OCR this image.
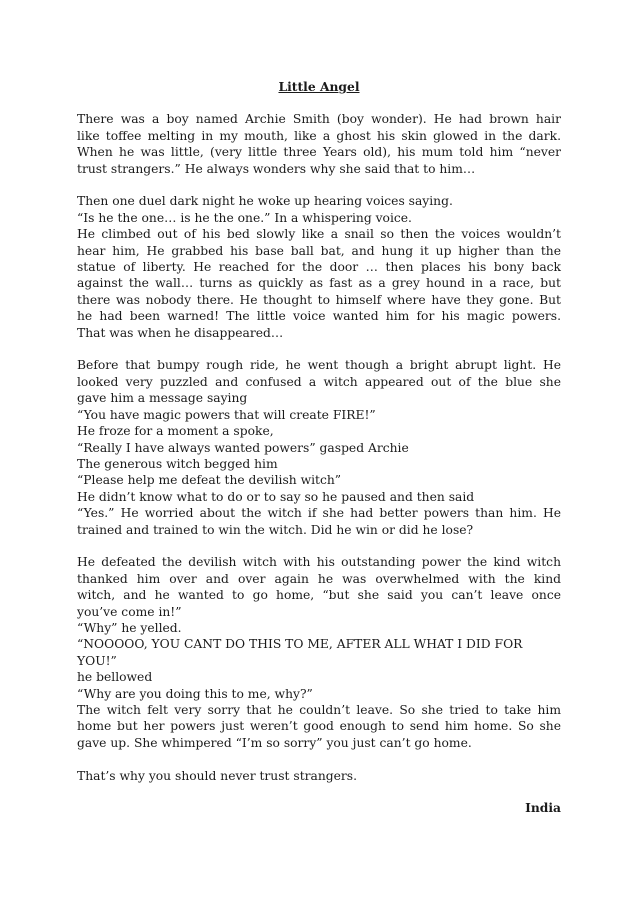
Little Angel
There was a boy named Archie Smith (boy wonder). He had brown hair
like toffee melting in my mouth, like a ghost his skin glowed in the dark.
When he was little, (very little three Years old), his mum told him “never
trust strangers.” He always wonders why she said that to him…
Then one duel dark night he woke up hearing voices saying.
“Is he the one… is he the one.” In a whispering voice.
He climbed out of his bed slowly like a snail so then the voices wouldn’t
hear him, He grabbed his base ball bat, and hung it up higher than the
statue of liberty. He reached for the door … then places his bony back
against the wall… turns as quickly as fast as a grey hound in a race, but
there was nobody there. He thought to himself where have they gone. But
he had been warned! The little voice wanted him for his magic powers.
That was when he disappeared…
Before that bumpy rough ride, he went though a bright abrupt light. He
looked very puzzled and confused a witch appeared out of the blue she
gave him a message saying
“You have magic powers that will create FIRE!”
He froze for a moment a spoke,
“Really I have always wanted powers” gasped Archie
The generous witch begged him
“Please help me defeat the devilish witch”
He didn’t know what to do or to say so he paused and then said
“Yes.” He worried about the witch if she had better powers than him. He
trained and trained to win the witch. Did he win or did he lose?
He defeated the devilish witch with his outstanding power the kind witch
thanked him over and over again he was overwhelmed with the kind
witch, and he wanted to go home, “but she said you can’t leave once
you’ve come in!”
“Why” he yelled.
“NOOOOO, YOU CANT DO THIS TO ME, AFTER ALL WHAT I DID FOR YOU!”
he bellowed
“Why are you doing this to me, why?”
The witch felt very sorry that he couldn’t leave. So she tried to take him
home but her powers just weren’t good enough to send him home. So she
gave up. She whimpered “I’m so sorry” you just can’t go home.
That’s why you should never trust strangers.
India
